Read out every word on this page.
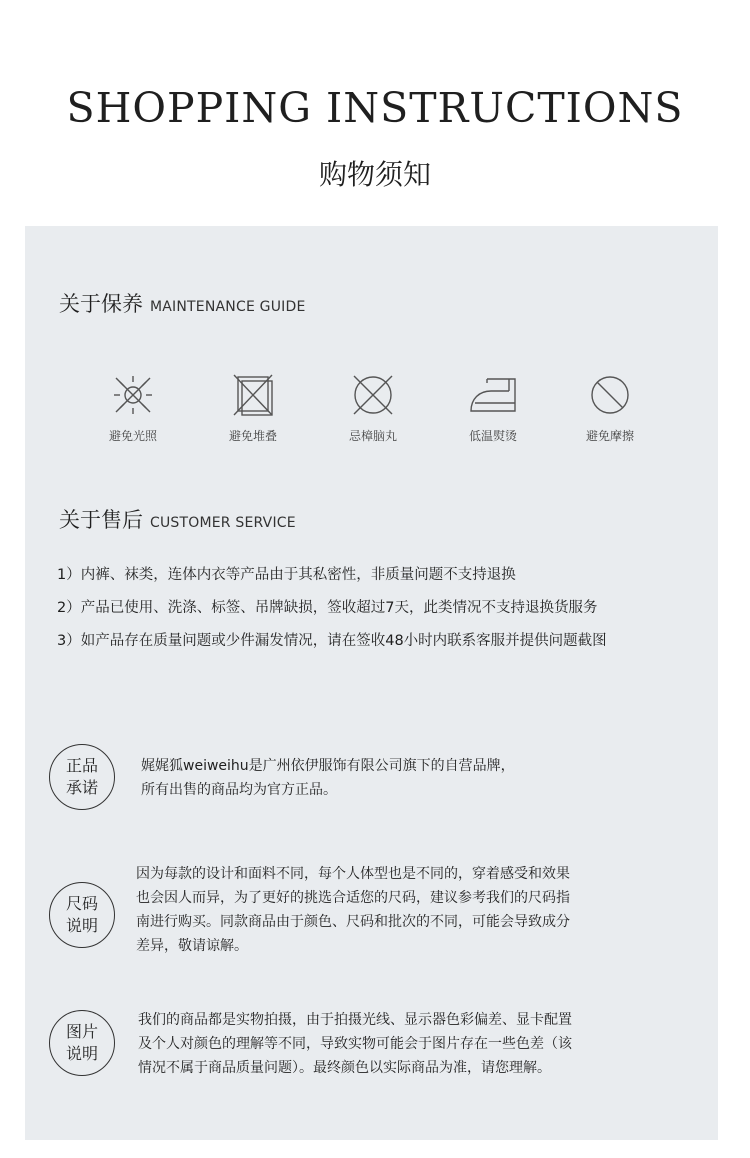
SHOPPING INSTRUCTIONS
购物须知
关于保养 MAINTENANCE GUIDE
避免光照	避免堆叠	忌樟脑丸	低温熨烫	避免摩擦
关于售后 CUSTOMER SERVICE
1）内裤、袜类，连体内衣等产品由于其私密性，非质量问题不支持退换
2）产品已使用、洗涤、标签、吊牌缺损，签收超过7天，此类情况不支持退换货服务
3）如产品存在质量问题或少件漏发情况，请在签收48小时内联系客服并提供问题截图
正品
承诺
娓娓狐weiweihu是广州依伊服饰有限公司旗下的自营品牌，
所有出售的商品均为官方正品。
尺码
说明
因为每款的设计和面料不同，每个人体型也是不同的，穿着感受和效果
也会因人而异，为了更好的挑选合适您的尺码，建议参考我们的尺码指
南进行购买。同款商品由于颜色、尺码和批次的不同，可能会导致成分
差异，敬请谅解。
图片
说明
我们的商品都是实物拍摄，由于拍摄光线、显示器色彩偏差、显卡配置
及个人对颜色的理解等不同，导致实物可能会于图片存在一些色差（该
情况不属于商品质量问题）。最终颜色以实际商品为准，请您理解。
